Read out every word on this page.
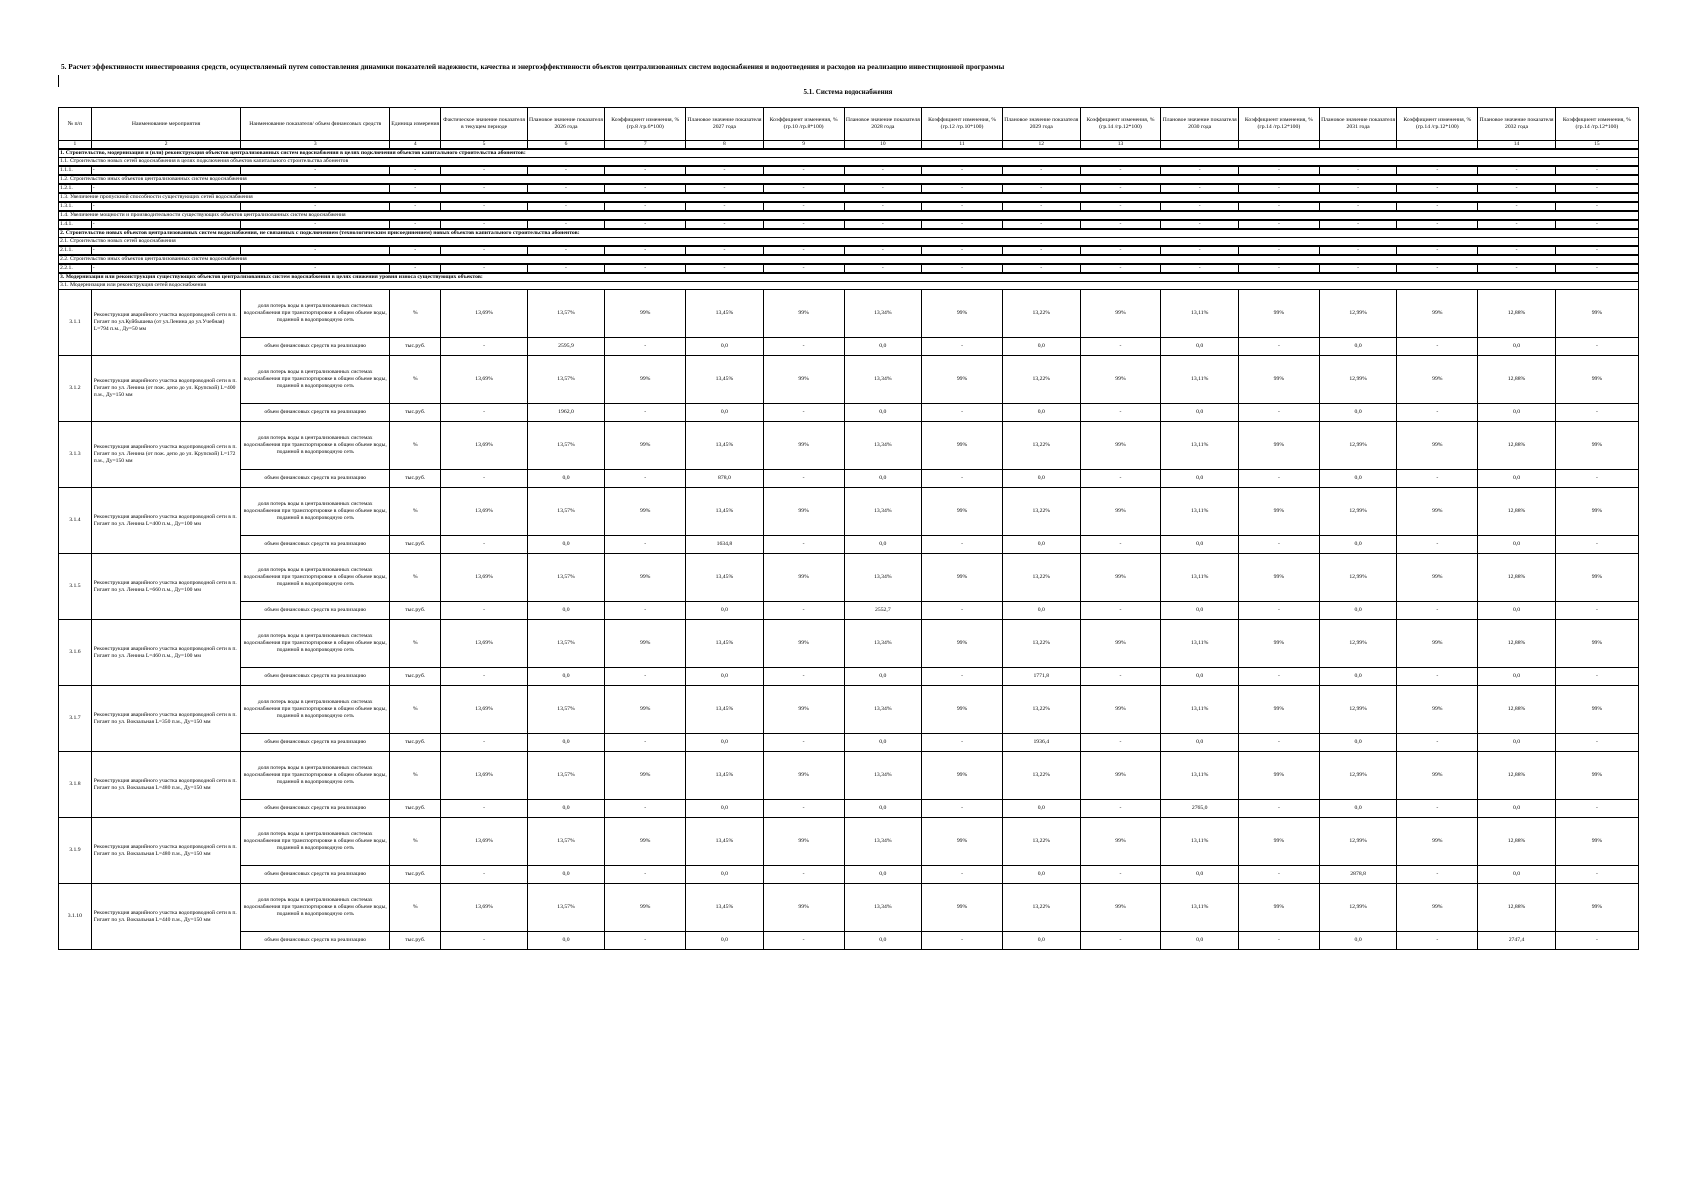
5. Расчет эффективности инвестирования средств, осуществляемый путем сопоставления динамики показателей надежности, качества и энергоэффективности объектов централизованных систем водоснабжения и водоотведения и расходов на реализацию инвестиционной программы
5.1. Система водоснабжения
№ п/п	Наименование мероприятия	Наименование показателя/ объем финансовых средств	Единица измерения	Фактическое значение показателя в текущем периоде	Плановое значение показателя 2026 года	Коэффициент изменения, % (гр.8 /гр.6*100)	Плановое значение показателя 2027 года	Коэффициент изменения, % (гр.10 /гр.8*100)	Плановое значение показателя 2028 года	Коэффициент изменения, % (гр.12 /гр.10*100)	Плановое значение показателя 2029 года	Коэффициент изменения, % (гр.14 /гр.12*100)	Плановое значение показателя 2030 года	Коэффициент изменения, % (гр.14 /гр.12*100)	Плановое значение показателя 2031 года	Коэффициент изменения, % (гр.14 /гр.12*100)	Плановое значение показателя 2032 года	Коэффициент изменения, % (гр.14 /гр.12*100)
1	2	3	4	5	6	7	8	9	10	11	12	13					14	15
1. Строительство, модернизация и (или) реконструкция объектов централизованных систем водоснабжения в целях подключения объектов капитального строительства абонентов:																		
1.1. Строительство новых сетей водоснабжения в целях подключения объектов капитального строительства абонентов																		
1.1.1.	-	-	-	-	-	-	-	-	-	-	-	-	-	-	-	-	-	-
1.2. Строительство иных объектов централизованных систем водоснабжения																		
1.2.1.	-	-	-	-	-	-	-	-	-	-	-	-	-	-	-	-	-	-
1.3. Увеличение пропускной способности существующих сетей водоснабжения																		
1.3.1.	-	-	-	-	-	-	-	-	-	-	-	-	-	-	-	-	-	-
1.4. Увеличение мощности и производительности существующих объектов централизованных систем водоснабжения																		
1.4.1.	-	-	-	-	-	-	-	-	-	-	-	-	-	-	-	-	-	-
2. Строительство новых объектов централизованных систем водоснабжения, не связанных с подключением (технологическим присоединением) новых объектов капитального строительства абонентов:																		
2.1. Строительство новых сетей водоснабжения																		
2.1.1.	-	-	-	-	-	-	-	-	-	-	-	-	-	-	-	-	-	-
2.2. Строительство иных объектов централизованных систем водоснабжения																		
2.2.1.	-	-	-	-	-	-	-	-	-	-	-	-	-	-	-	-	-	-
3. Модернизация или реконструкция существующих объектов централизованных систем водоснабжения в целях снижения уровня износа существующих объектов:																		
3.1. Модернизация или реконструкция сетей водоснабжения																		
3.1.1	Реконструкция аварийного участка водопроводной сети в п. Гигант по ул.Куйбышева (от ул.Ленина до ул.Учебная) L=794 п.м., Ду=50 мм	доля потерь воды в централизованных системах водоснабжения при транспортировке в общем объеме воды, поданной в водопроводную сеть	%	13,69%	13,57%	99%	13,45%	99%	13,34%	99%	13,22%	99%	13,11%	99%	12,99%	99%	12,88%	99%
		объем финансовых средств на реализацию	тыс.руб.	-	2595,9	-	0,0	-	0,0	-	0,0	-	0,0	-	0,0	-	0,0	-
3.1.2	Реконструкция аварийного участка водопроводной сети в п. Гигант по ул. Ленина (от пож. депо до ул. Крупской) L=400 п.м., Ду=150 мм	доля потерь воды в централизованных системах водоснабжения при транспортировке в общем объеме воды, поданной в водопроводную сеть	%	13,69%	13,57%	99%	13,45%	99%	13,34%	99%	13,22%	99%	13,11%	99%	12,99%	99%	12,88%	99%
		объем финансовых средств на реализацию	тыс.руб.	-	1962,0	-	0,0	-	0,0	-	0,0	-	0,0	-	0,0	-	0,0	-
3.1.3	Реконструкция аварийного участка водопроводной сети в п. Гигант по ул. Ленина (от пож. депо до ул. Крупской) L=172 п.м., Ду=150 мм	доля потерь воды в централизованных системах водоснабжения при транспортировке в общем объеме воды, поданной в водопроводную сеть	%	13,69%	13,57%	99%	13,45%	99%	13,34%	99%	13,22%	99%	13,11%	99%	12,99%	99%	12,88%	99%
		объем финансовых средств на реализацию	тыс.руб.	-	0,0	-	878,0	-	0,0	-	0,0	-	0,0	-	0,0	-	0,0	-
3.1.4	Реконструкция аварийного участка водопроводной сети в п. Гигант по ул. Ленина L=400 п.м., Ду=100 мм	доля потерь воды в централизованных системах водоснабжения при транспортировке в общем объеме воды, поданной в водопроводную сеть	%	13,69%	13,57%	99%	13,45%	99%	13,34%	99%	13,22%	99%	13,11%	99%	12,99%	99%	12,88%	99%
		объем финансовых средств на реализацию	тыс.руб.	-	0,0	-	1634,8	-	0,0	-	0,0	-	0,0	-	0,0	-	0,0	-
3.1.5	Реконструкция аварийного участка водопроводной сети в п. Гигант по ул. Ленина L=660 п.м., Ду=100 мм	доля потерь воды в централизованных системах водоснабжения при транспортировке в общем объеме воды, поданной в водопроводную сеть	%	13,69%	13,57%	99%	13,45%	99%	13,34%	99%	13,22%	99%	13,11%	99%	12,99%	99%	12,88%	99%
		объем финансовых средств на реализацию	тыс.руб.	-	0,0	-	0,0	-	2552,7	-	0,0	-	0,0	-	0,0	-	0,0	-
3.1.6	Реконструкция аварийного участка водопроводной сети в п. Гигант по ул. Ленина L=460 п.м., Ду=100 мм	доля потерь воды в централизованных системах водоснабжения при транспортировке в общем объеме воды, поданной в водопроводную сеть	%	13,69%	13,57%	99%	13,45%	99%	13,34%	99%	13,22%	99%	13,11%	99%	12,99%	99%	12,88%	99%
		объем финансовых средств на реализацию	тыс.руб.	-	0,0	-	0,0	-	0,0	-	1771,8	-	0,0	-	0,0	-	0,0	-
3.1.7	Реконструкция аварийного участка водопроводной сети в п. Гигант по ул. Вокзальная L=350 п.м., Ду=150 мм	доля потерь воды в централизованных системах водоснабжения при транспортировке в общем объеме воды, поданной в водопроводную сеть	%	13,69%	13,57%	99%	13,45%	99%	13,34%	99%	13,22%	99%	13,11%	99%	12,99%	99%	12,88%	99%
		объем финансовых средств на реализацию	тыс.руб.	-	0,0	-	0,0	-	0,0	-	1936,4	-	0,0	-	0,0	-	0,0	-
3.1.8	Реконструкция аварийного участка водопроводной сети в п. Гигант по ул. Вокзальная L=480 п.м., Ду=150 мм	доля потерь воды в централизованных системах водоснабжения при транспортировке в общем объеме воды, поданной в водопроводную сеть	%	13,69%	13,57%	99%	13,45%	99%	13,34%	99%	13,22%	99%	13,11%	99%	12,99%	99%	12,88%	99%
		объем финансовых средств на реализацию	тыс.руб.	-	0,0	-	0,0	-	0,0	-	0,0	-	2765,0	-	0,0	-	0,0	-
3.1.9	Реконструкция аварийного участка водопроводной сети в п. Гигант по ул. Вокзальная L=480 п.м., Ду=150 мм	доля потерь воды в централизованных системах водоснабжения при транспортировке в общем объеме воды, поданной в водопроводную сеть	%	13,69%	13,57%	99%	13,45%	99%	13,34%	99%	13,22%	99%	13,11%	99%	12,99%	99%	12,88%	99%
		объем финансовых средств на реализацию	тыс.руб.	-	0,0	-	0,0	-	0,0	-	0,0	-	0,0	-	2878,8	-	0,0	-
3.1.10	Реконструкция аварийного участка водопроводной сети в п. Гигант по ул. Вокзальная L=440 п.м., Ду=150 мм	доля потерь воды в централизованных системах водоснабжения при транспортировке в общем объеме воды, поданной в водопроводную сеть	%	13,69%	13,57%	99%	13,45%	99%	13,34%	99%	13,22%	99%	13,11%	99%	12,99%	99%	12,88%	99%
		объем финансовых средств на реализацию	тыс.руб.	-	0,0	-	0,0	-	0,0	-	0,0	-	0,0	-	0,0	-	2747,4	-
